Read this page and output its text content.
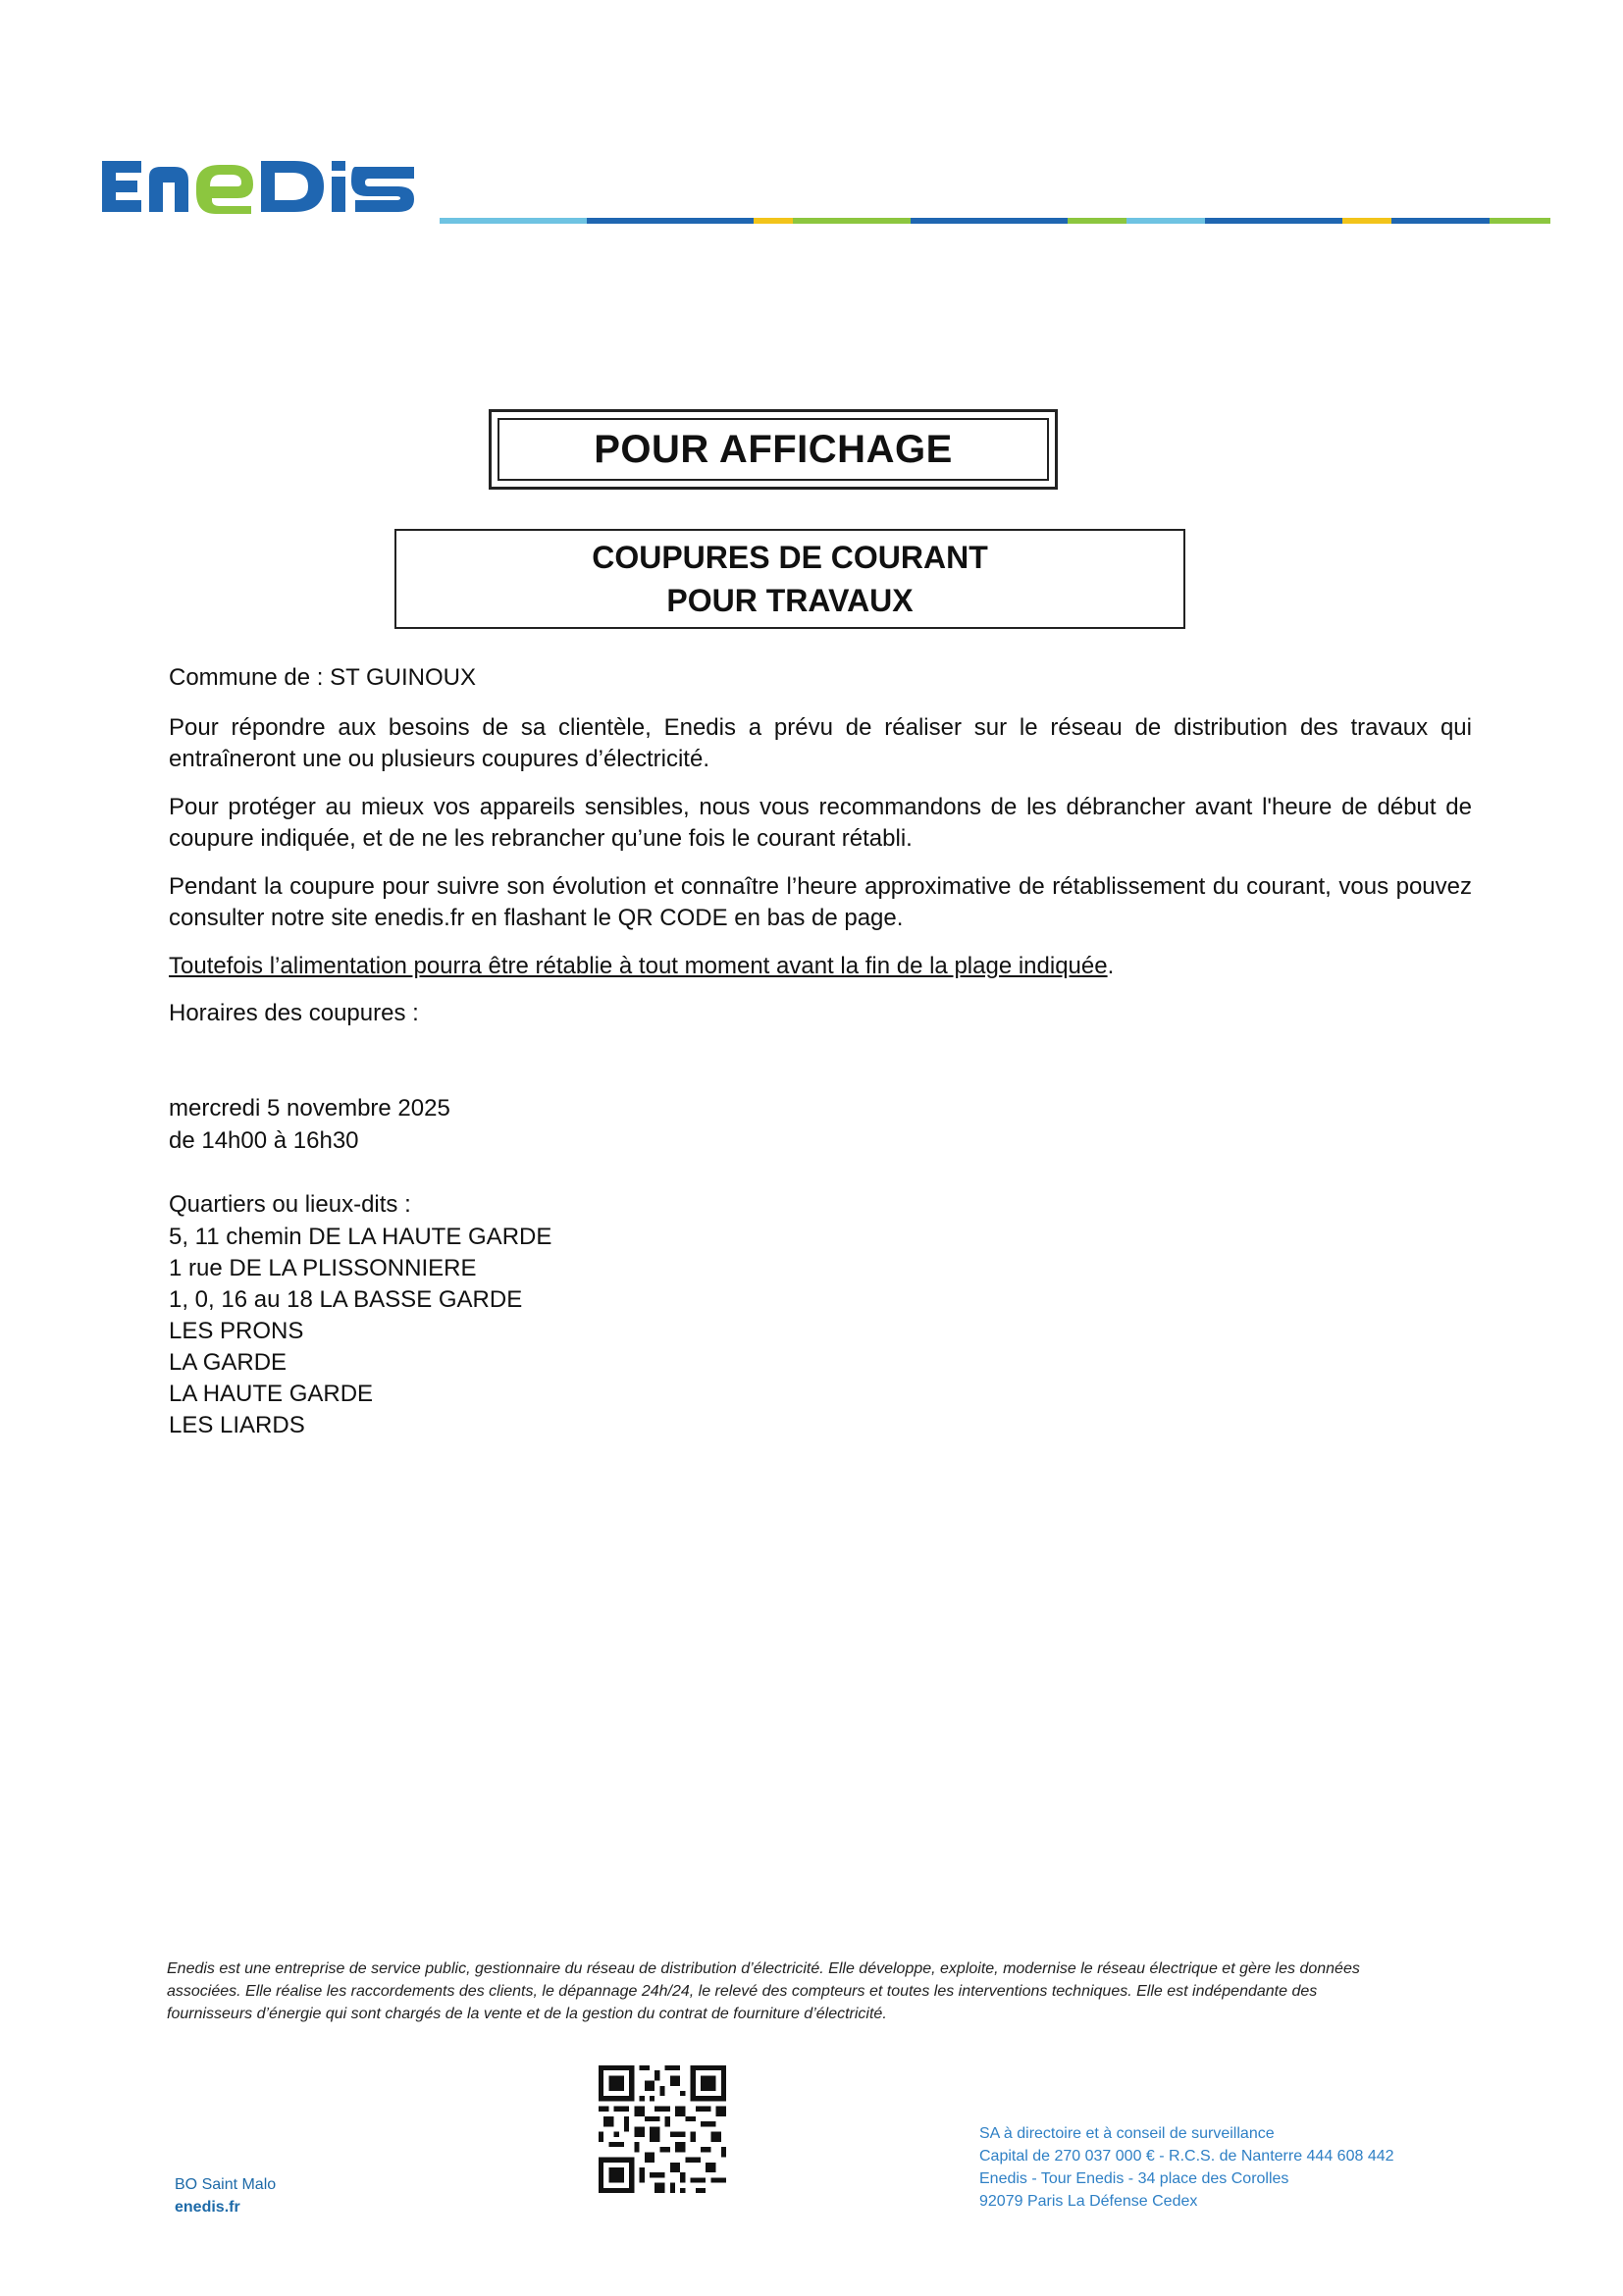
POUR AFFICHAGE
COUPURES DE COURANT
POUR TRAVAUX
Commune de : ST GUINOUX
Pour répondre aux besoins de sa clientèle, Enedis a prévu de réaliser sur le réseau de distribution des travaux qui entraîneront une ou plusieurs coupures d’électricité.
Pour protéger au mieux vos appareils sensibles, nous vous recommandons de les débrancher avant l'heure de début de coupure indiquée, et de ne les rebrancher qu’une fois le courant rétabli.
Pendant la coupure pour suivre son évolution et connaître l’heure approximative de rétablissement du courant, vous pouvez consulter notre site enedis.fr en flashant le QR CODE en bas de page.
Toutefois l’alimentation pourra être rétablie à tout moment avant la fin de la plage indiquée.
Horaires des coupures :
mercredi 5 novembre 2025
de 14h00 à 16h30
Quartiers ou lieux-dits :
5, 11 chemin DE LA HAUTE GARDE
1 rue DE LA PLISSONNIERE
1, 0, 16 au 18 LA BASSE GARDE
LES PRONS
LA GARDE
LA HAUTE GARDE
LES LIARDS
Enedis est une entreprise de service public, gestionnaire du réseau de distribution d’électricité. Elle développe, exploite, modernise le réseau électrique et gère les données
associées. Elle réalise les raccordements des clients, le dépannage 24h/24, le relevé des compteurs et toutes les interventions techniques. Elle est indépendante des
fournisseurs d’énergie qui sont chargés de la vente et de la gestion du contrat de fourniture d’électricité.
BO Saint Malo
enedis.fr
SA à directoire et à conseil de surveillance
Capital de 270 037 000 € - R.C.S. de Nanterre 444 608 442
Enedis - Tour Enedis - 34 place des Corolles
92079 Paris La Défense Cedex
